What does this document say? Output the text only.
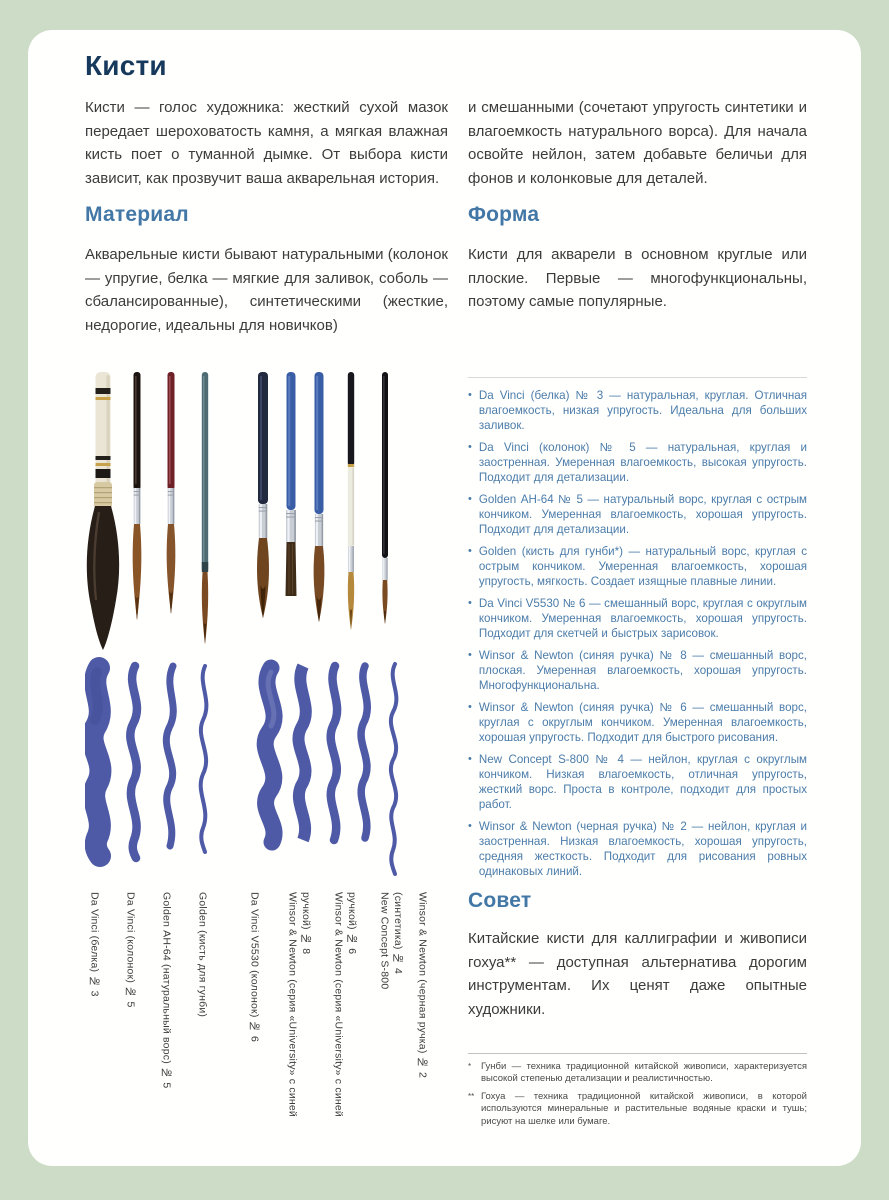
Кисти

Кисти — голос художника: жесткий сухой мазок передает шероховатость камня, а мягкая влажная кисть поет о туманной дымке. От выбора кисти зависит, как прозвучит ваша акварельная история.

и смешанными (сочетают упругость синтетики и влагоемкость натурального ворса). Для начала освойте нейлон, затем добавьте беличьи для фонов и колонковые для деталей.

Материал

Акварельные кисти бывают натуральными (колонок — упругие, белка — мягкие для заливок, соболь — сбалансированные), синтетическими (жесткие, недорогие, идеальны для новичков)

Форма

Кисти для акварели в основном круглые или плоские. Первые — многофункциональны, поэтому самые популярные.

Da Vinci (белка) № 3 Da Vinci (колонок) № 5 Golden АН-64 (натуральный ворс) № 5 Golden (кисть для гунби)	Da Vinci V5530 (колонок) № 6 Winsor & Newton (серия «University» с синей ручкой) № 8 Winsor & Newton (серия «University» с синей ручкой) № 6 New Concept S-800 (синтетика) № 4 Winsor & Newton (черная ручка) № 2
• Da Vinci (белка) № 3 — натуральная, круглая. Отличная влагоемкость, низкая упругость. Идеальна для больших заливок.
• Da Vinci (колонок) № 5 — натуральная, круглая и заостренная. Умеренная влагоемкость, высокая упругость. Подходит для детализации.
• Golden АН-64 № 5 — натуральный ворс, круглая с острым кончиком. Умеренная влагоемкость, хорошая упругость. Подходит для детализации.
• Golden (кисть для гунби*) — натуральный ворс, круглая с острым кончиком. Умеренная влагоемкость, хорошая упругость, мягкость. Создает изящные плавные линии.
• Da Vinci V5530 № 6 — смешанный ворс, круглая с округлым кончиком. Умеренная влагоемкость, хорошая упругость. Подходит для скетчей и быстрых зарисовок.
• Winsor & Newton (синяя ручка) № 8 — смешанный ворс, плоская. Умеренная влагоемкость, хорошая упругость. Многофункциональна.
• Winsor & Newton (синяя ручка) № 6 — смешанный ворс, круглая с округлым кончиком. Умеренная влагоемкость, хорошая упругость. Подходит для быстрого рисования.
• New Concept S-800 № 4 — нейлон, круглая с округлым кончиком. Низкая влагоемкость, отличная упругость, жесткий ворс. Проста в контроле, подходит для простых работ.
• Winsor & Newton (черная ручка) № 2 — нейлон, круглая и заостренная. Низкая влагоемкость, хорошая упругость, средняя жесткость. Подходит для рисования ровных одинаковых линий.
Совет

Китайские кисти для каллиграфии и живописи гохуа** — доступная альтернатива дорогим инструментам. Их ценят даже опытные художники.

* Гунби — техника традиционной китайской живописи, характеризуется высокой степенью детализации и реалистичностью.

** Гохуа — техника традиционной китайской живописи, в которой используются минеральные и растительные водяные краски и тушь; рисуют на шелке или бумаге.
